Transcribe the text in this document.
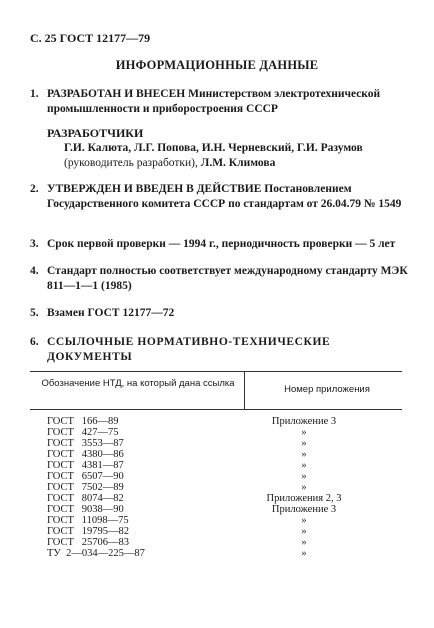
С. 25 ГОСТ 12177—79
ИНФОРМАЦИОННЫЕ ДАННЫЕ
1. РАЗРАБОТАН И ВНЕСЕН Министерством электротехнической промышленности и приборостроения СССР
РАЗРАБОТЧИКИ
Г.И. Калюта, Л.Г. Попова, И.Н. Черневский, Г.И. Разумов
(руководитель разработки), Л.М. Климова
2. УТВЕРЖДЕН И ВВЕДЕН В ДЕЙСТВИЕ Постановлением Государственного комитета СССР по стандартам от 26.04.79 № 1549
3. Срок первой проверки — 1994 г., периодичность проверки — 5 лет
4. Стандарт полностью соответствует международному стандарту МЭК 811—1—1 (1985)
5. Взамен ГОСТ 12177—72
6. ССЫЛОЧНЫЕ НОРМАТИВНО-ТЕХНИЧЕСКИЕ ДОКУМЕНТЫ
Обозначение НТД, на который дана ссылка
Номер приложения
ГОСТ   166—89	Приложение 3
ГОСТ   427—75	»
ГОСТ   3553—87	»
ГОСТ   4380—86	»
ГОСТ   4381—87	»
ГОСТ   6507—90	»
ГОСТ   7502—89	»
ГОСТ   8074—82	Приложения 2, 3
ГОСТ   9038—90	Приложение 3
ГОСТ   11098—75	»
ГОСТ   19795—82	»
ГОСТ   25706—83	»
ТУ  2—034—225—87	»
